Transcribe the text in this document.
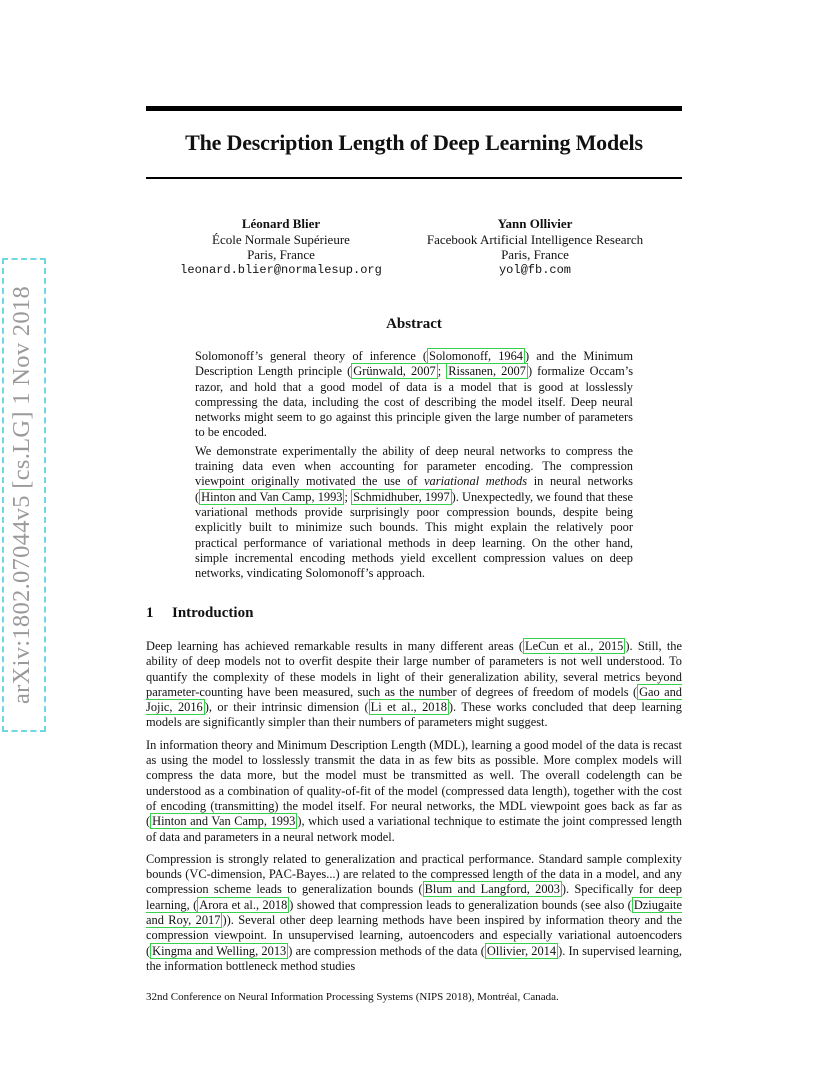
arXiv:1802.07044v5 [cs.LG] 1 Nov 2018
The Description Length of Deep Learning Models
Léonard Blier
École Normale Supérieure
Paris, France
leonard.blier@normalesup.org
Yann Ollivier
Facebook Artificial Intelligence Research
Paris, France
yol@fb.com
Abstract

Solomonoff’s general theory of inference ( Solomonoff, 1964 ) and the Minimum Description Length principle ( Grünwald, 2007 ; Rissanen, 2007 ) formalize Occam’s razor, and hold that a good model of data is a model that is good at losslessly compressing the data, including the cost of describing the model itself. Deep neural networks might seem to go against this principle given the large number of parameters to be encoded.

We demonstrate experimentally the ability of deep neural networks to compress the training data even when accounting for parameter encoding. The compression viewpoint originally motivated the use of variational methods in neural networks ( Hinton and Van Camp, 1993 ; Schmidhuber, 1997 ). Unexpectedly, we found that these variational methods provide surprisingly poor compression bounds, despite being explicitly built to minimize such bounds. This might explain the relatively poor practical performance of variational methods in deep learning. On the other hand, simple incremental encoding methods yield excellent compression values on deep networks, vindicating Solomonoff’s approach.

1 Introduction

Deep learning has achieved remarkable results in many different areas ( LeCun et al., 2015 ). Still, the ability of deep models not to overfit despite their large number of parameters is not well understood. To quantify the complexity of these models in light of their generalization ability, several metrics beyond parameter-counting have been measured, such as the number of degrees of freedom of models ( Gao and Jojic, 2016 ), or their intrinsic dimension ( Li et al., 2018 ). These works concluded that deep learning models are significantly simpler than their numbers of parameters might suggest.

In information theory and Minimum Description Length (MDL), learning a good model of the data is recast as using the model to losslessly transmit the data in as few bits as possible. More complex models will compress the data more, but the model must be transmitted as well. The overall codelength can be understood as a combination of quality-of-fit of the model (compressed data length), together with the cost of encoding (transmitting) the model itself. For neural networks, the MDL viewpoint goes back as far as ( Hinton and Van Camp, 1993 ), which used a variational technique to estimate the joint compressed length of data and parameters in a neural network model.

Compression is strongly related to generalization and practical performance. Standard sample complexity bounds (VC-dimension, PAC-Bayes...) are related to the compressed length of the data in a model, and any compression scheme leads to generalization bounds ( Blum and Langford, 2003 ). Specifically for deep learning, ( Arora et al., 2018 ) showed that compression leads to generalization bounds (see also ( Dziugaite and Roy, 2017 )). Several other deep learning methods have been inspired by information theory and the compression viewpoint. In unsupervised learning, autoencoders and especially variational autoencoders ( Kingma and Welling, 2013 ) are compression methods of the data ( Ollivier, 2014 ). In supervised learning, the information bottleneck method studies

32nd Conference on Neural Information Processing Systems (NIPS 2018), Montréal, Canada.
